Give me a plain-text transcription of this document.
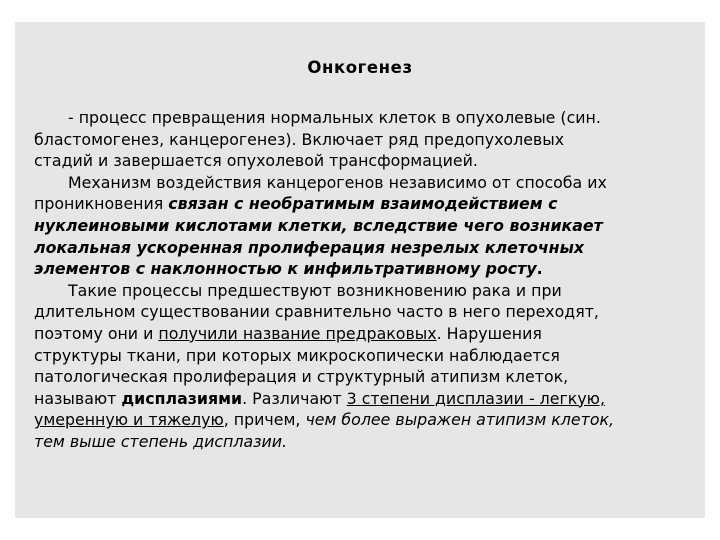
Онкогенез
- процесс превращения нормальных клеток в опухолевые (син.
бластомогенез, канцерогенез). Включает ряд предопухолевых
стадий и завершается опухолевой трансформацией.
Механизм воздействия канцерогенов независимо от способа их
проникновения связан с необратимым взаимодействием с
нуклеиновыми кислотами клетки, вследствие чего возникает
локальная ускоренная пролиферация незрелых клеточных
элементов с наклонностью к инфильтративному росту.
Такие процессы предшествуют возникновению рака и при
длительном существовании сравнительно часто в него переходят,
поэтому они и получили название предраковых. Нарушения
структуры ткани, при которых микроскопически наблюдается
патологическая пролиферация и структурный атипизм клеток,
называют дисплазиями. Различают 3 степени дисплазии - легкую,
умеренную и тяжелую, причем, чем более выражен атипизм клеток,
тем выше степень дисплазии.
